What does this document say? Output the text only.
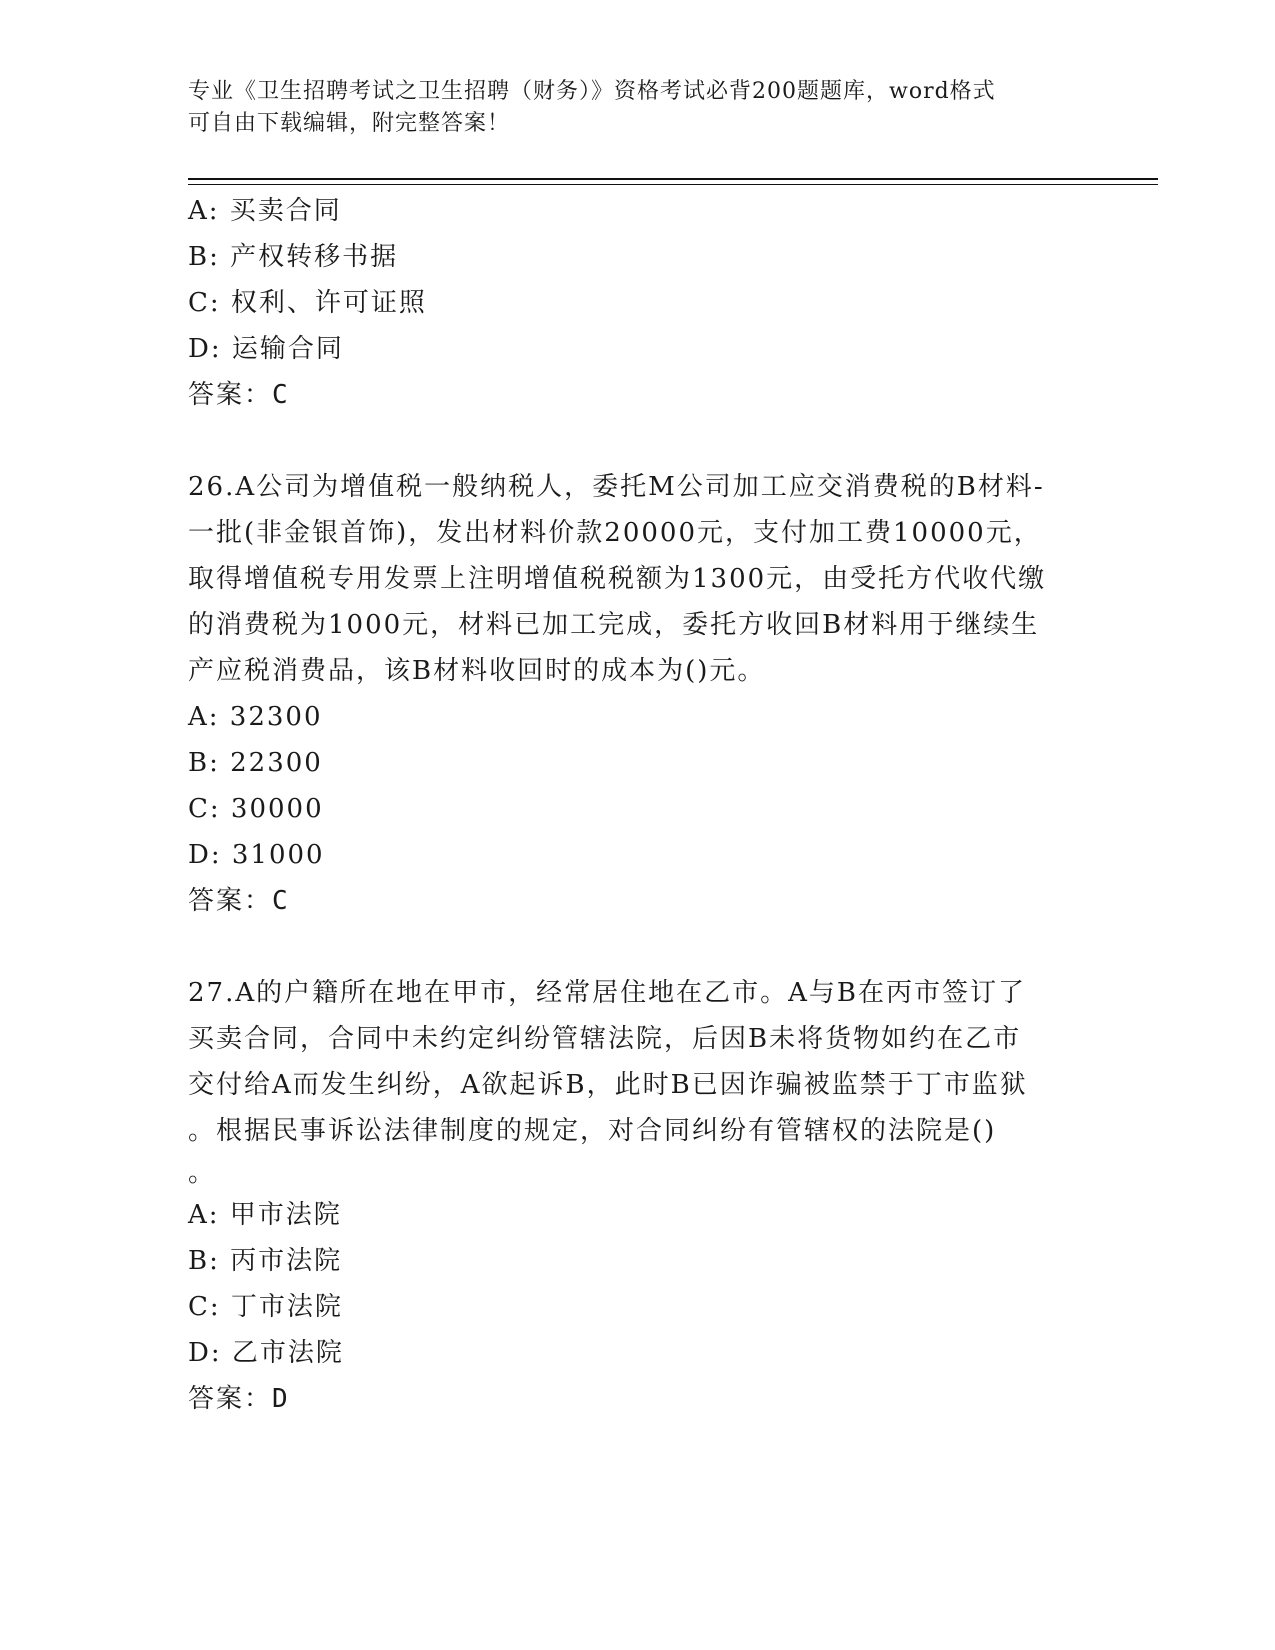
专业《卫生招聘考试之卫生招聘（财务）》资格考试必背200题题库，word格式
可自由下载编辑，附完整答案！
A: 买卖合同
B: 产权转移书据
C: 权利、许可证照
D: 运输合同
答案：C
26.A公司为增值税一般纳税人，委托M公司加工应交消费税的B材料-
一批(非金银首饰)，发出材料价款20000元，支付加工费10000元，
取得增值税专用发票上注明增值税税额为1300元，由受托方代收代缴
的消费税为1000元，材料已加工完成，委托方收回B材料用于继续生
产应税消费品，该B材料收回时的成本为()元。
A: 32300
B: 22300
C: 30000
D: 31000
答案：C
27.A的户籍所在地在甲市，经常居住地在乙市。A与B在丙市签订了
买卖合同，合同中未约定纠纷管辖法院，后因B未将货物如约在乙市
交付给A而发生纠纷，A欲起诉B，此时B已因诈骗被监禁于丁市监狱
。根据民事诉讼法律制度的规定，对合同纠纷有管辖权的法院是()
。
A: 甲市法院
B: 丙市法院
C: 丁市法院
D: 乙市法院
答案：D
